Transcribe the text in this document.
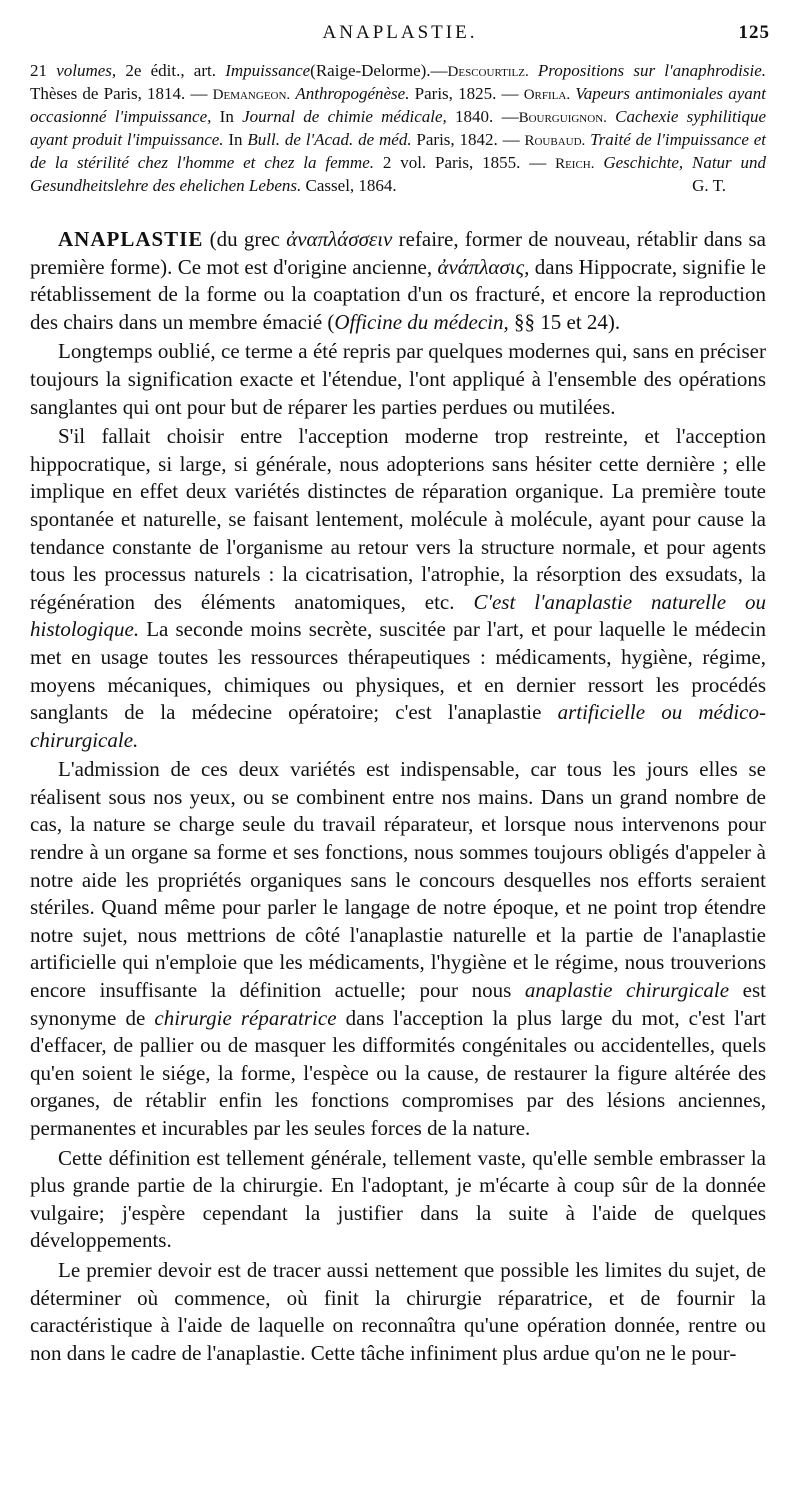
ANAPLASTIE.	125
21 volumes, 2e édit., art. Impuissance(Raige-Delorme).—Descourtilz. Propositions sur l'anaphrodisie. Thèses de Paris, 1814. — Demangeon. Anthropogénèse. Paris, 1825. — Orfila. Vapeurs antimoniales ayant occasionné l'impuissance, In Journal de chimie médicale, 1840. —Bourguignon. Cachexie syphilitique ayant produit l'impuissance. In Bull. de l'Acad. de méd. Paris, 1842. — Roubaud. Traité de l'impuissance et de la stérilité chez l'homme et chez la femme. 2 vol. Paris, 1855. — Reich. Geschichte, Natur und Gesundheitslehre des ehelichen Lebens. Cassel, 1864.	G. T.

ANAPLASTIE (du grec ἀναπλάσσειν refaire, former de nouveau, rétablir dans sa première forme). Ce mot est d'origine ancienne, ἀνάπλασις, dans Hippocrate, signifie le rétablissement de la forme ou la coaptation d'un os fracturé, et encore la reproduction des chairs dans un membre émacié (Officine du médecin, §§ 15 et 24).

Longtemps oublié, ce terme a été repris par quelques modernes qui, sans en préciser toujours la signification exacte et l'étendue, l'ont appliqué à l'ensemble des opérations sanglantes qui ont pour but de réparer les parties perdues ou mutilées.

S'il fallait choisir entre l'acception moderne trop restreinte, et l'acception hippocratique, si large, si générale, nous adopterions sans hésiter cette dernière ; elle implique en effet deux variétés distinctes de réparation organique. La première toute spontanée et naturelle, se faisant lentement, molécule à molécule, ayant pour cause la tendance constante de l'organisme au retour vers la structure normale, et pour agents tous les processus naturels : la cicatrisation, l'atrophie, la résorption des exsudats, la régénération des éléments anatomiques, etc. C'est l'anaplastie naturelle ou histologique. La seconde moins secrète, suscitée par l'art, et pour laquelle le médecin met en usage toutes les ressources thérapeutiques : médicaments, hygiène, régime, moyens mécaniques, chimiques ou physiques, et en dernier ressort les procédés sanglants de la médecine opératoire; c'est l'anaplastie artificielle ou médico-chirurgicale.

L'admission de ces deux variétés est indispensable, car tous les jours elles se réalisent sous nos yeux, ou se combinent entre nos mains. Dans un grand nombre de cas, la nature se charge seule du travail réparateur, et lorsque nous intervenons pour rendre à un organe sa forme et ses fonctions, nous sommes toujours obligés d'appeler à notre aide les propriétés organiques sans le concours desquelles nos efforts seraient stériles. Quand même pour parler le langage de notre époque, et ne point trop étendre notre sujet, nous mettrions de côté l'anaplastie naturelle et la partie de l'anaplastie artificielle qui n'emploie que les médicaments, l'hygiène et le régime, nous trouverions encore insuffisante la définition actuelle; pour nous anaplastie chirurgicale est synonyme de chirurgie réparatrice dans l'acception la plus large du mot, c'est l'art d'effacer, de pallier ou de masquer les difformités congénitales ou accidentelles, quels qu'en soient le siége, la forme, l'espèce ou la cause, de restaurer la figure altérée des organes, de rétablir enfin les fonctions compromises par des lésions anciennes, permanentes et incurables par les seules forces de la nature.

Cette définition est tellement générale, tellement vaste, qu'elle semble embrasser la plus grande partie de la chirurgie. En l'adoptant, je m'écarte à coup sûr de la donnée vulgaire; j'espère cependant la justifier dans la suite à l'aide de quelques développements.

Le premier devoir est de tracer aussi nettement que possible les limites du sujet, de déterminer où commence, où finit la chirurgie réparatrice, et de fournir la caractéristique à l'aide de laquelle on reconnaîtra qu'une opération donnée, rentre ou non dans le cadre de l'anaplastie. Cette tâche infiniment plus ardue qu'on ne le pour-
